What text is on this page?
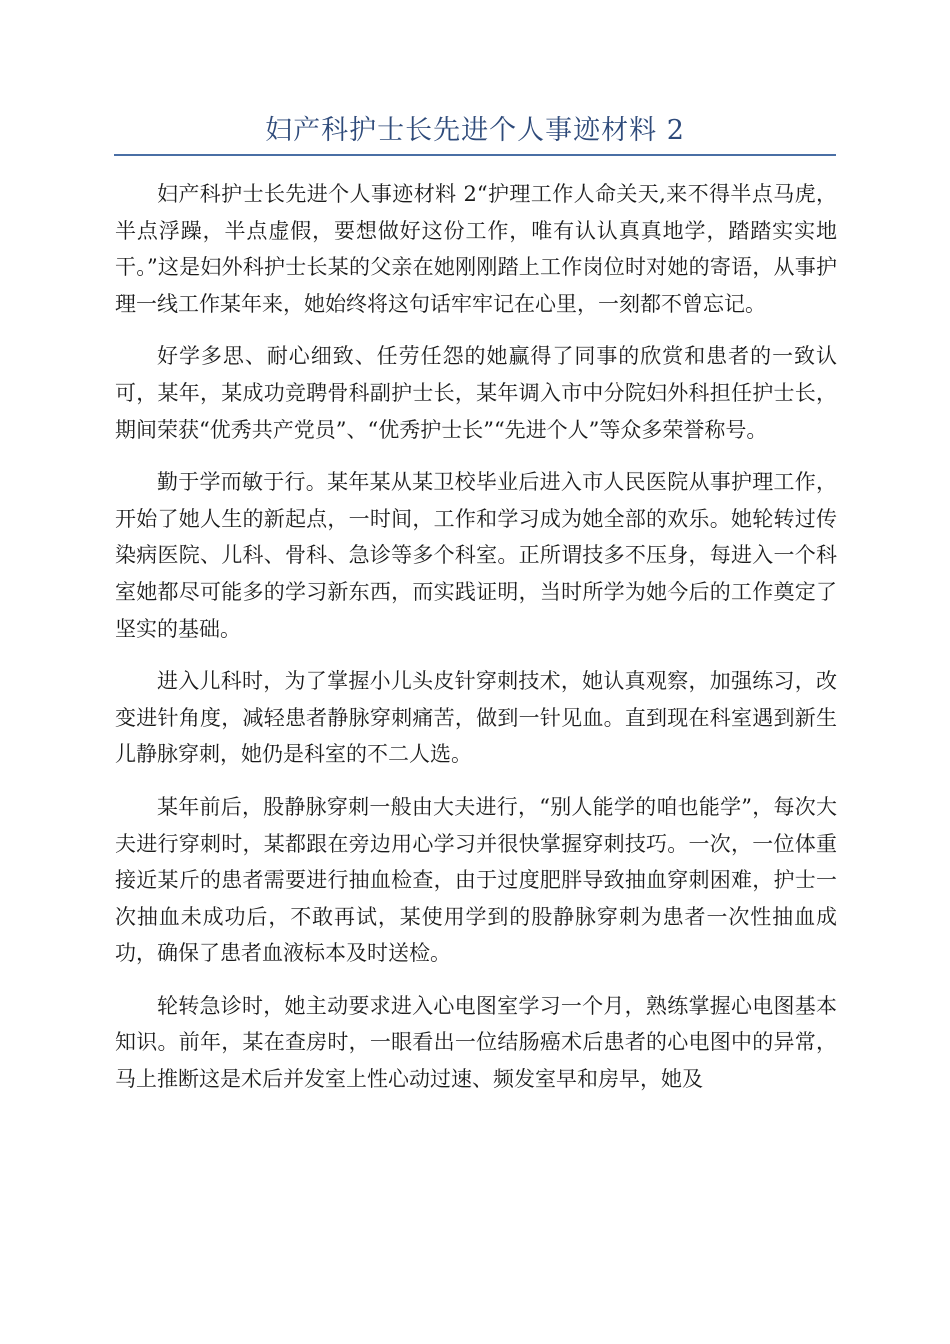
妇产科护士长先进个人事迹材料 2

妇产科护士长先进个人事迹材料 2“护理工作人命关天,来不得半点马虎，半点浮躁，半点虚假，要想做好这份工作，唯有认认真真地学，踏踏实实地干。”这是妇外科护士长某的父亲在她刚刚踏上工作岗位时对她的寄语，从事护理一线工作某年来，她始终将这句话牢牢记在心里，一刻都不曾忘记。

好学多思、耐心细致、任劳任怨的她赢得了同事的欣赏和患者的一致认可，某年，某成功竞聘骨科副护士长，某年调入市中分院妇外科担任护士长，期间荣获“优秀共产党员”、“优秀护士长”“先进个人”等众多荣誉称号。

勤于学而敏于行。某年某从某卫校毕业后进入市人民医院从事护理工作，开始了她人生的新起点，一时间，工作和学习成为她全部的欢乐。她轮转过传染病医院、儿科、骨科、急诊等多个科室。正所谓技多不压身，每进入一个科室她都尽可能多的学习新东西，而实践证明，当时所学为她今后的工作奠定了坚实的基础。

进入儿科时，为了掌握小儿头皮针穿刺技术，她认真观察，加强练习，改变进针角度，减轻患者静脉穿刺痛苦，做到一针见血。直到现在科室遇到新生儿静脉穿刺，她仍是科室的不二人选。

某年前后，股静脉穿刺一般由大夫进行，“别人能学的咱也能学”，每次大夫进行穿刺时，某都跟在旁边用心学习并很快掌握穿刺技巧。一次，一位体重接近某斤的患者需要进行抽血检查，由于过度肥胖导致抽血穿刺困难，护士一次抽血未成功后，不敢再试，某使用学到的股静脉穿刺为患者一次性抽血成功，确保了患者血液标本及时送检。

轮转急诊时，她主动要求进入心电图室学习一个月，熟练掌握心电图基本知识。前年，某在查房时，一眼看出一位结肠癌术后患者的心电图中的异常，马上推断这是术后并发室上性心动过速、频发室早和房早，她及
